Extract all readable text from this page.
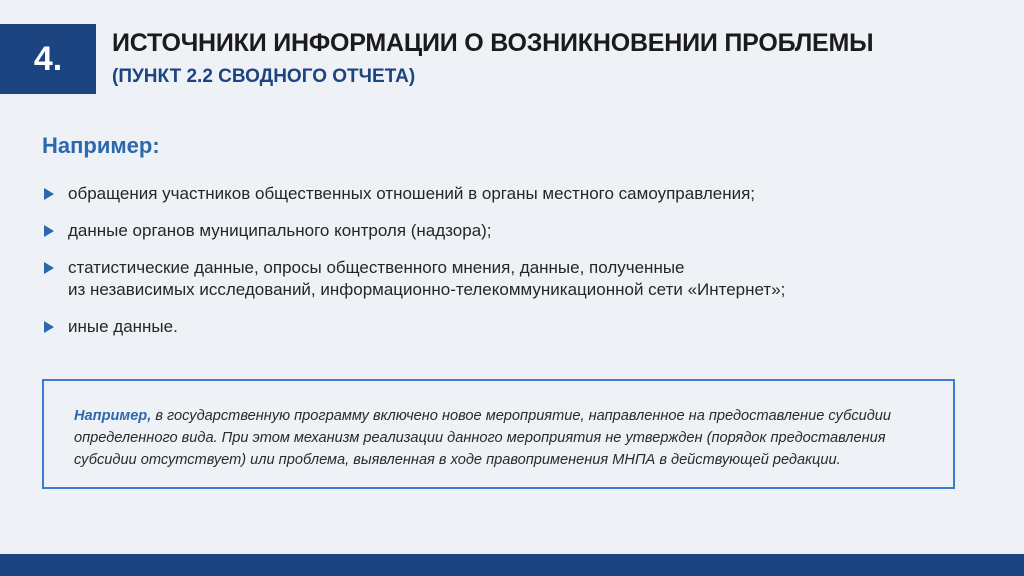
4. ИСТОЧНИКИ ИНФОРМАЦИИ О ВОЗНИКНОВЕНИИ ПРОБЛЕМЫ
(ПУНКТ 2.2 СВОДНОГО ОТЧЕТА)
Например:
обращения участников общественных отношений в органы местного самоуправления;
данные органов муниципального контроля (надзора);
статистические данные, опросы общественного мнения, данные, полученные
из независимых исследований, информационно-телекоммуникационной сети «Интернет»;
иные данные.
Например, в государственную программу включено новое мероприятие, направленное на предоставление субсидии определенного вида. При этом механизм реализации данного мероприятия не утвержден (порядок предоставления субсидии отсутствует) или проблема, выявленная в ходе правоприменения МНПА в действующей редакции.
